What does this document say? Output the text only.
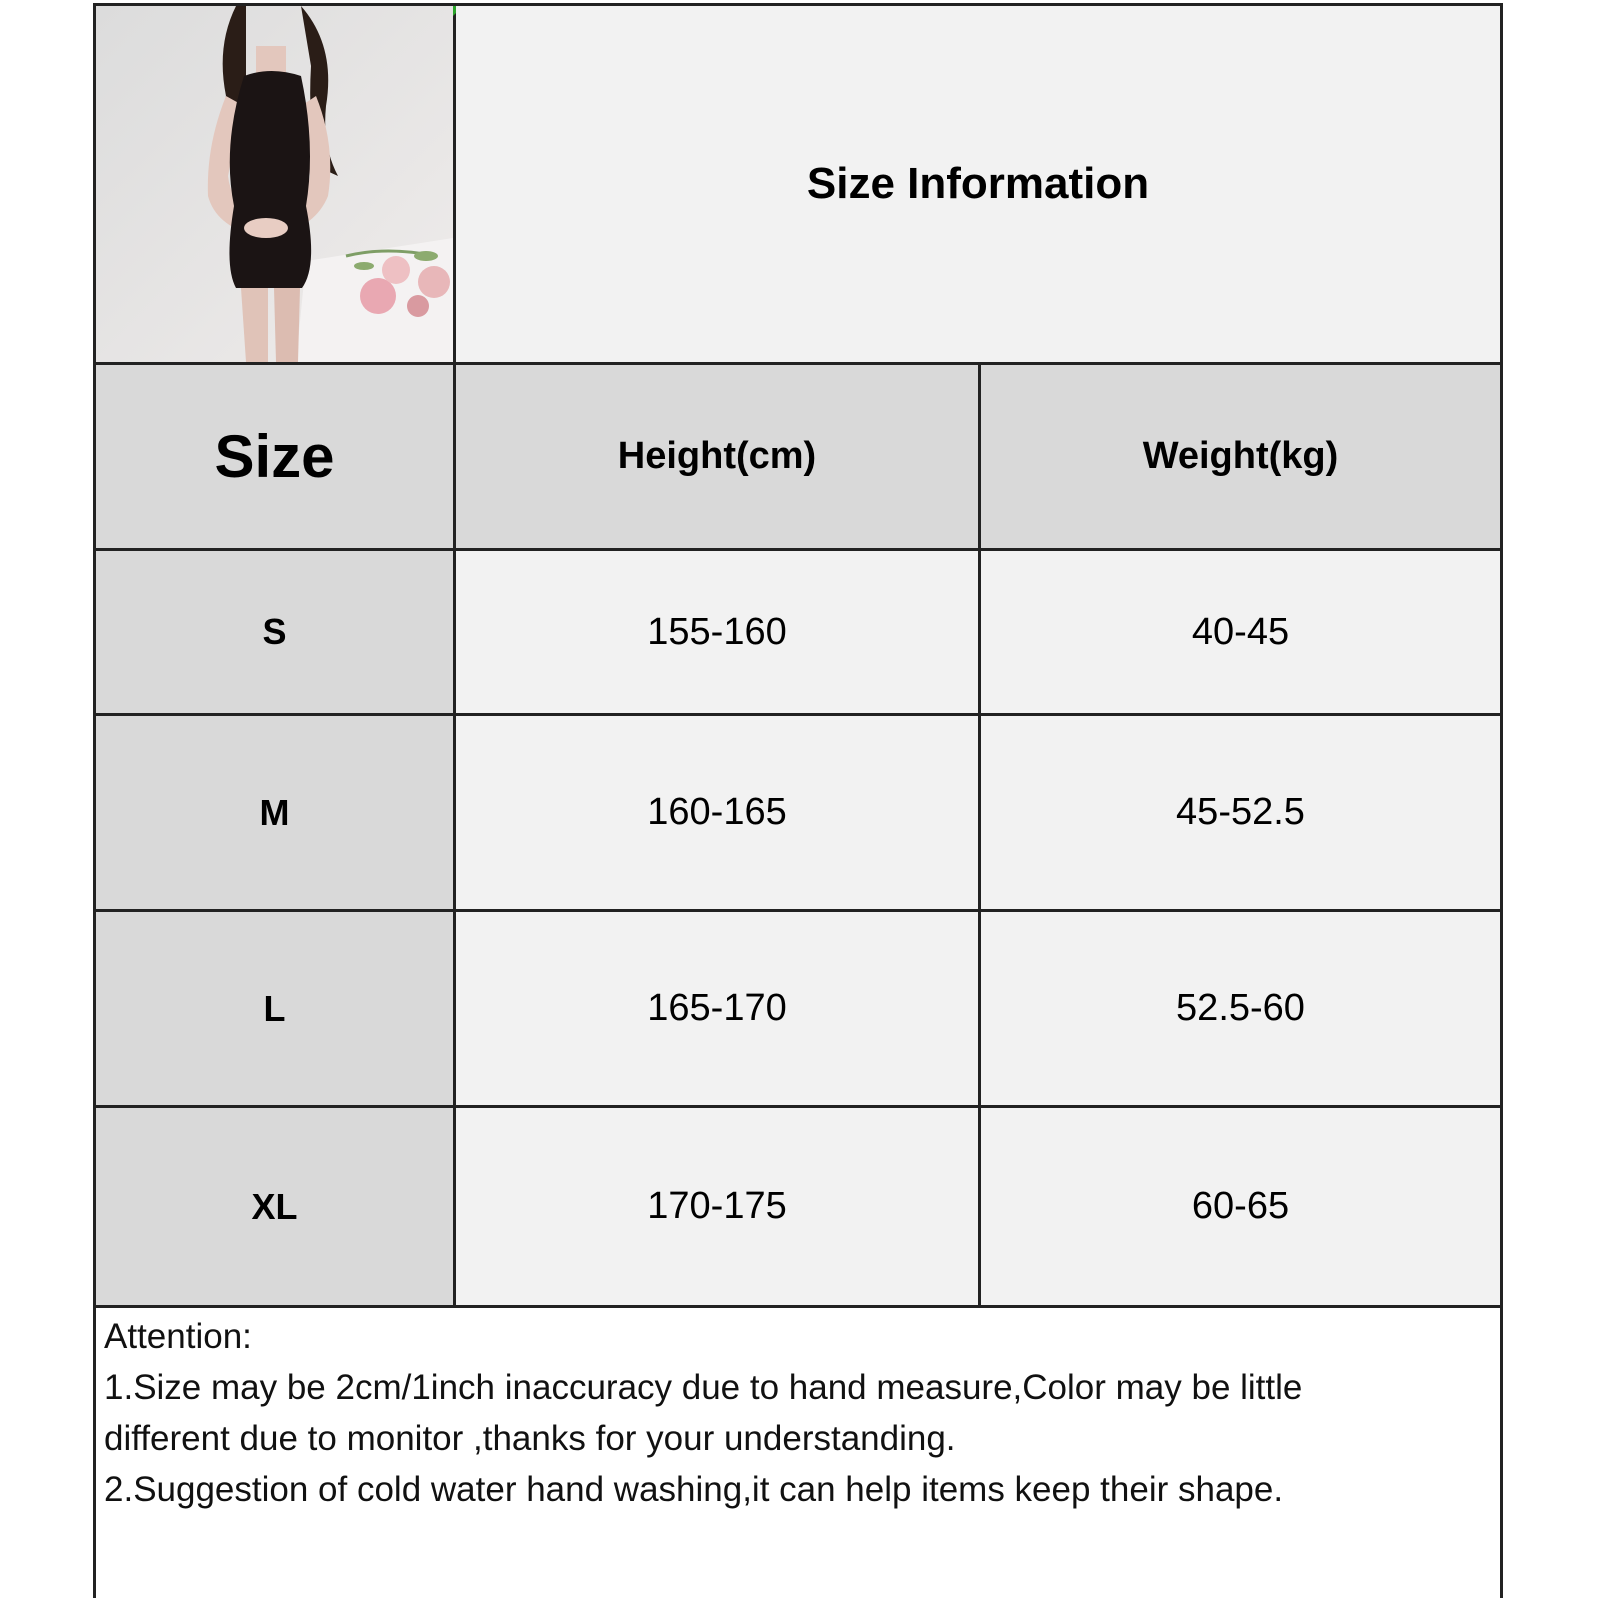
Size Information
Size	Height(cm)	Weight(kg)
S	155-160	40-45
M	160-165	45-52.5
L	165-170	52.5-60
XL	170-175	60-65
Attention:
1.Size may be 2cm/1inch inaccuracy due to hand measure,Color may be little
different due to monitor ,thanks for your understanding.
2.Suggestion of cold water hand washing,it can help items keep their shape.
